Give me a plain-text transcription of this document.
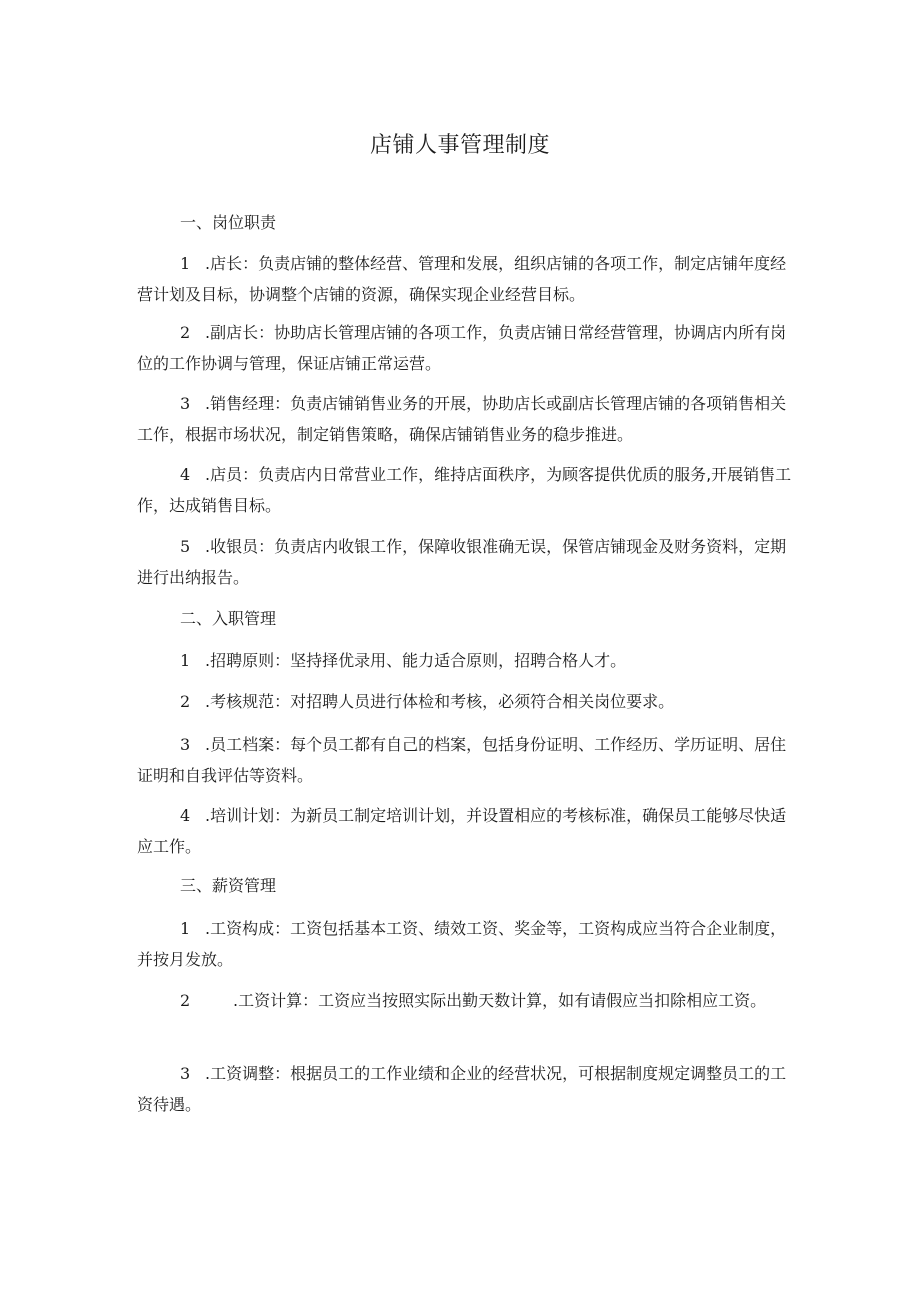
店铺人事管理制度

一、岗位职责

1 .店长：负责店铺的整体经营、管理和发展，组织店铺的各项工作，制定店铺年度经营计划及目标，协调整个店铺的资源，确保实现企业经营目标。

2 .副店长：协助店长管理店铺的各项工作，负责店铺日常经营管理，协调店内所有岗位的工作协调与管理，保证店铺正常运营。

3 .销售经理：负责店铺销售业务的开展，协助店长或副店长管理店铺的各项销售相关工作，根据市场状况，制定销售策略，确保店铺销售业务的稳步推进。

4 .店员：负责店内日常营业工作，维持店面秩序，为顾客提供优质的服务,开展销售工作，达成销售目标。

5 .收银员：负责店内收银工作，保障收银准确无误，保管店铺现金及财务资料，定期进行出纳报告。

二、入职管理

1 .招聘原则：坚持择优录用、能力适合原则，招聘合格人才。

2 .考核规范：对招聘人员进行体检和考核，必须符合相关岗位要求。

3 .员工档案：每个员工都有自己的档案，包括身份证明、工作经历、学历证明、居住证明和自我评估等资料。

4 .培训计划：为新员工制定培训计划，并设置相应的考核标准，确保员工能够尽快适应工作。

三、薪资管理

1 .工资构成：工资包括基本工资、绩效工资、奖金等，工资构成应当符合企业制度，并按月发放。

2	.工资计算：工资应当按照实际出勤天数计算，如有请假应当扣除相应工资。

3 .工资调整：根据员工的工作业绩和企业的经营状况，可根据制度规定调整员工的工资待遇。
